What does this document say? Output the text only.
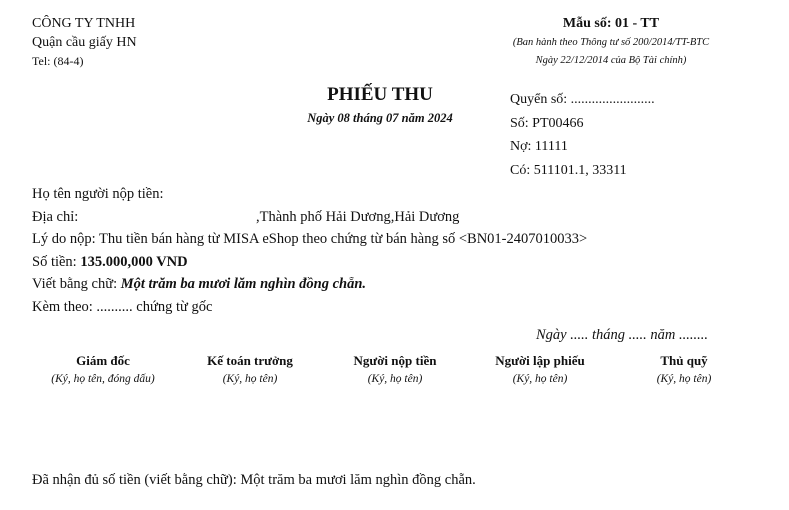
CÔNG TY TNHH
Quận cầu giấy HN
Tel: (84-4)
Mẫu số: 01 - TT
(Ban hành theo Thông tư số 200/2014/TT-BTC
Ngày 22/12/2014 của Bộ Tài chính)
PHIẾU THU
Ngày 08 tháng 07 năm 2024
Quyển số: ........................
Số: PT00466
Nợ: 11111
Có: 511101.1, 33311
Họ tên người nộp tiền:
Địa chỉ:	,Thành phố Hải Dương,Hải Dương
Lý do nộp: Thu tiền bán hàng từ MISA eShop theo chứng từ bán hàng số <BN01-2407010033>
Số tiền: 135.000,000 VND
Viết bằng chữ: Một trăm ba mươi lăm nghìn đồng chẵn.
Kèm theo: .......... chứng từ gốc
Ngày ..... tháng ..... năm ........
Giám đốc
(Ký, họ tên, đóng dấu)
Kế toán trưởng
(Ký, họ tên)
Người nộp tiền
(Ký, họ tên)
Người lập phiếu
(Ký, họ tên)
Thủ quỹ
(Ký, họ tên)
Đã nhận đủ số tiền (viết bằng chữ): Một trăm ba mươi lăm nghìn đồng chẵn.
